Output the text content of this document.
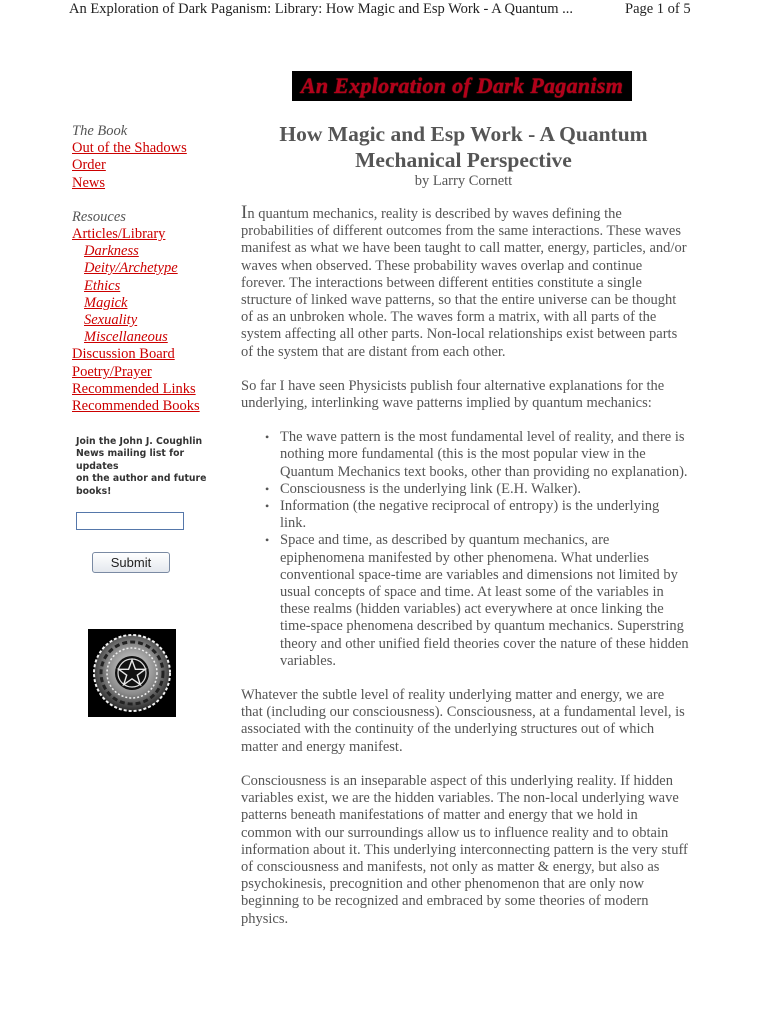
An Exploration of Dark Paganism: Library: How Magic and Esp Work - A Quantum ...	Page 1 of 5
An Exploration of Dark Paganism
The Book
Out of the Shadows
Order
News
Resouces
Articles/Library
Darkness
Deity/Archetype
Ethics
Magick
Sexuality
Miscellaneous
Discussion Board
Poetry/Prayer
Recommended Links
Recommended Books
Join the John J. Coughlin
News mailing list for
updates
on the author and future
books!
Submit
How Magic and Esp Work - A Quantum
Mechanical Perspective

by Larry Cornett

In quantum mechanics, reality is described by waves defining the probabilities of different outcomes from the same interactions. These waves manifest as what we have been taught to call matter, energy, particles, and/or waves when observed. These probability waves overlap and continue forever. The interactions between different entities constitute a single structure of linked wave patterns, so that the entire universe can be thought of as an unbroken whole. The waves form a matrix, with all parts of the system affecting all other parts. Non-local relationships exist between parts of the system that are distant from each other.

So far I have seen Physicists publish four alternative explanations for the underlying, interlinking wave patterns implied by quantum mechanics:

• The wave pattern is the most fundamental level of reality, and there is nothing more fundamental (this is the most popular view in the Quantum Mechanics text books, other than providing no explanation).
• Consciousness is the underlying link (E.H. Walker).
• Information (the negative reciprocal of entropy) is the underlying link.
• Space and time, as described by quantum mechanics, are epiphenomena manifested by other phenomena. What underlies conventional space-time are variables and dimensions not limited by usual concepts of space and time. At least some of the variables in these realms (hidden variables) act everywhere at once linking the time-space phenomena described by quantum mechanics. Superstring theory and other unified field theories cover the nature of these hidden variables.

Whatever the subtle level of reality underlying matter and energy, we are that (including our consciousness). Consciousness, at a fundamental level, is associated with the continuity of the underlying structures out of which matter and energy manifest.

Consciousness is an inseparable aspect of this underlying reality. If hidden variables exist, we are the hidden variables. The non-local underlying wave patterns beneath manifestations of matter and energy that we hold in common with our surroundings allow us to influence reality and to obtain information about it. This underlying interconnecting pattern is the very stuff of consciousness and manifests, not only as matter & energy, but also as psychokinesis, precognition and other phenomenon that are only now beginning to be recognized and embraced by some theories of modern physics.
